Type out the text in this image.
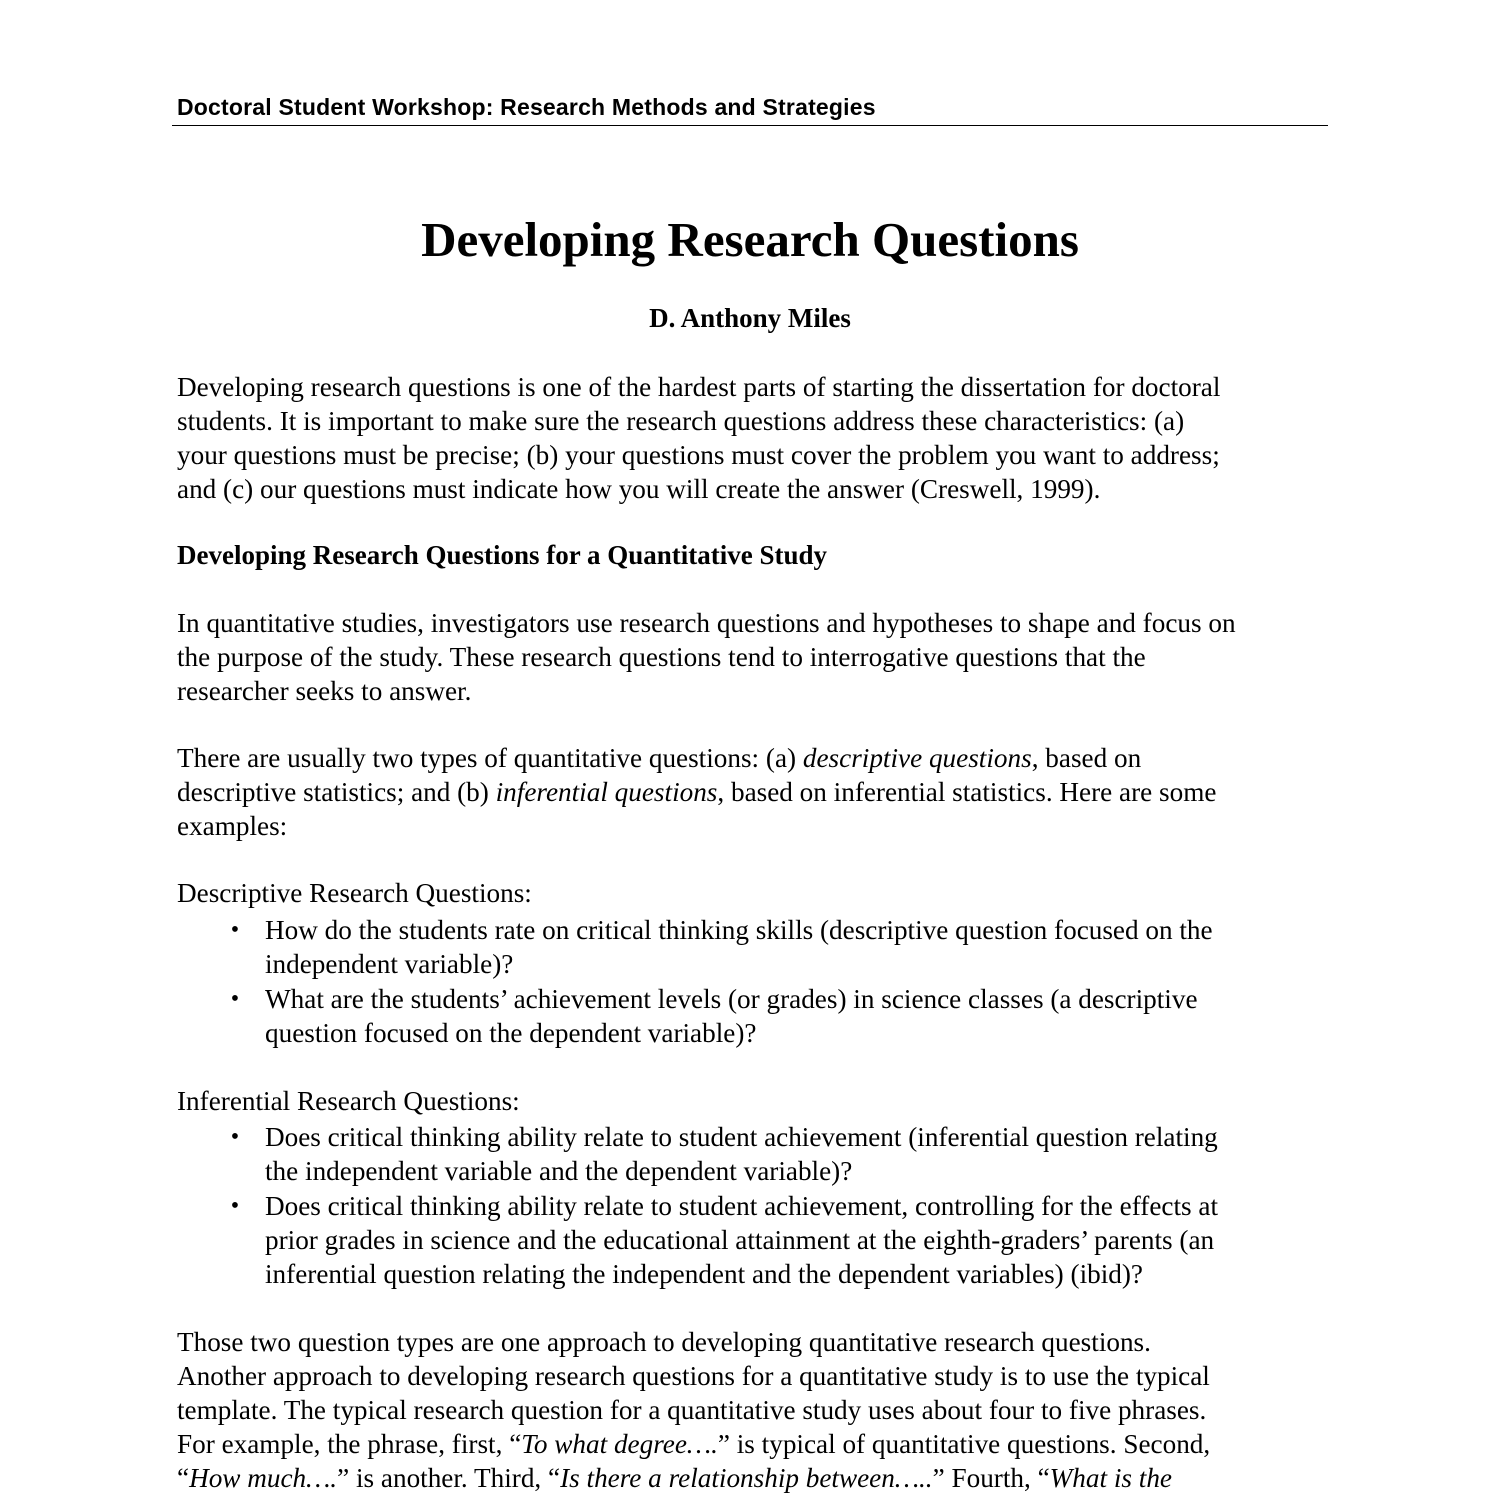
Doctoral Student Workshop: Research Methods and Strategies
Developing Research Questions
D. Anthony Miles

Developing research questions is one of the hardest parts of starting the dissertation for doctoral
students. It is important to make sure the research questions address these characteristics: (a)
your questions must be precise; (b) your questions must cover the problem you want to address;
and (c) our questions must indicate how you will create the answer (Creswell, 1999).

Developing Research Questions for a Quantitative Study

In quantitative studies, investigators use research questions and hypotheses to shape and focus on
the purpose of the study. These research questions tend to interrogative questions that the
researcher seeks to answer.

There are usually two types of quantitative questions: (a) descriptive questions, based on
descriptive statistics; and (b) inferential questions, based on inferential statistics. Here are some
examples:

Descriptive Research Questions:
• How do the students rate on critical thinking skills (descriptive question focused on the
independent variable)?
• What are the students’ achievement levels (or grades) in science classes (a descriptive
question focused on the dependent variable)?
Inferential Research Questions:
• Does critical thinking ability relate to student achievement (inferential question relating
the independent variable and the dependent variable)?
• Does critical thinking ability relate to student achievement, controlling for the effects at
prior grades in science and the educational attainment at the eighth-graders’ parents (an
inferential question relating the independent and the dependent variables) (ibid)?

Those two question types are one approach to developing quantitative research questions.
Another approach to developing research questions for a quantitative study is to use the typical
template. The typical research question for a quantitative study uses about four to five phrases.
For example, the phrase, first, “To what degree….” is typical of quantitative questions. Second,
“How much….” is another. Third, “Is there a relationship between…..” Fourth, “What is the
